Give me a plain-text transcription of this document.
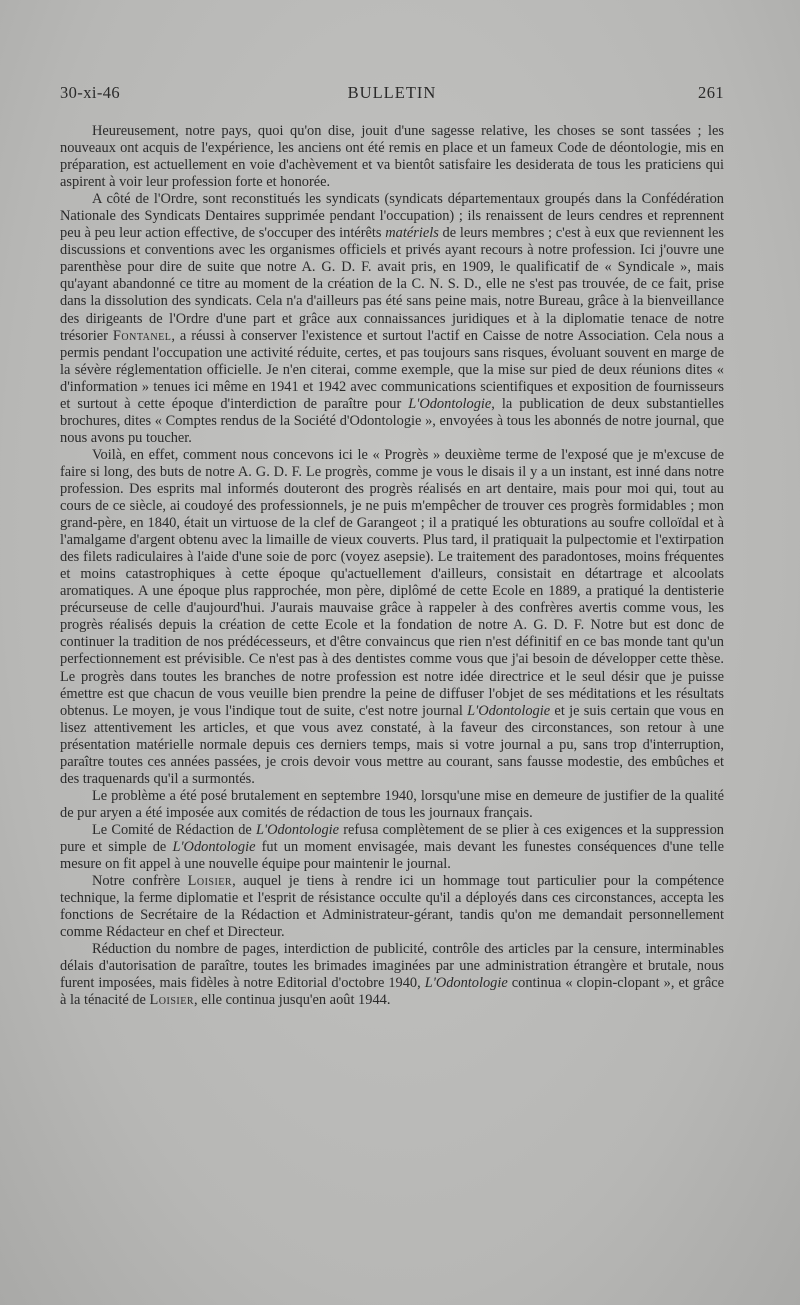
30-xi-46	BULLETIN	261

Heureusement, notre pays, quoi qu'on dise, jouit d'une sagesse relative, les choses se sont tassées ; les nouveaux ont acquis de l'expérience, les anciens ont été remis en place et un fameux Code de déontologie, mis en préparation, est actuellement en voie d'achèvement et va bientôt satisfaire les desiderata de tous les praticiens qui aspirent à voir leur profession forte et honorée.

A côté de l'Ordre, sont reconstitués les syndicats (syndicats départementaux groupés dans la Confédération Nationale des Syndicats Dentaires supprimée pendant l'occupation) ; ils renaissent de leurs cendres et reprennent peu à peu leur action effective, de s'occuper des intérêts matériels de leurs membres ; c'est à eux que reviennent les discussions et conventions avec les organismes officiels et privés ayant recours à notre profession. Ici j'ouvre une parenthèse pour dire de suite que notre A. G. D. F. avait pris, en 1909, le qualificatif de « Syndicale », mais qu'ayant abandonné ce titre au moment de la création de la C. N. S. D., elle ne s'est pas trouvée, de ce fait, prise dans la dissolution des syndicats. Cela n'a d'ailleurs pas été sans peine mais, notre Bureau, grâce à la bienveillance des dirigeants de l'Ordre d'une part et grâce aux connaissances juridiques et à la diplomatie tenace de notre trésorier Fontanel, a réussi à conserver l'existence et surtout l'actif en Caisse de notre Association. Cela nous a permis pendant l'occupation une activité réduite, certes, et pas toujours sans risques, évoluant souvent en marge de la sévère réglementation officielle. Je n'en citerai, comme exemple, que la mise sur pied de deux réunions dites « d'information » tenues ici même en 1941 et 1942 avec communications scientifiques et exposition de fournisseurs et surtout à cette époque d'interdiction de paraître pour L'Odontologie, la publication de deux substantielles brochures, dites « Comptes rendus de la Société d'Odontologie », envoyées à tous les abonnés de notre journal, que nous avons pu toucher.

Voilà, en effet, comment nous concevons ici le « Progrès » deuxième terme de l'exposé que je m'excuse de faire si long, des buts de notre A. G. D. F. Le progrès, comme je vous le disais il y a un instant, est inné dans notre profession. Des esprits mal informés douteront des progrès réalisés en art dentaire, mais pour moi qui, tout au cours de ce siècle, ai coudoyé des professionnels, je ne puis m'empêcher de trouver ces progrès formidables ; mon grand-père, en 1840, était un virtuose de la clef de Garangeot ; il a pratiqué les obturations au soufre colloïdal et à l'amalgame d'argent obtenu avec la limaille de vieux couverts. Plus tard, il pratiquait la pulpectomie et l'extirpation des filets radiculaires à l'aide d'une soie de porc (voyez asepsie). Le traitement des paradontoses, moins fréquentes et moins catastrophiques à cette époque qu'actuellement d'ailleurs, consistait en détartrage et alcoolats aromatiques. A une époque plus rapprochée, mon père, diplômé de cette Ecole en 1889, a pratiqué la dentisterie précurseuse de celle d'aujourd'hui. J'aurais mauvaise grâce à rappeler à des confrères avertis comme vous, les progrès réalisés depuis la création de cette Ecole et la fondation de notre A. G. D. F. Notre but est donc de continuer la tradition de nos prédécesseurs, et d'être convaincus que rien n'est définitif en ce bas monde tant qu'un perfectionnement est prévisible. Ce n'est pas à des dentistes comme vous que j'ai besoin de développer cette thèse. Le progrès dans toutes les branches de notre profession est notre idée directrice et le seul désir que je puisse émettre est que chacun de vous veuille bien prendre la peine de diffuser l'objet de ses méditations et les résultats obtenus. Le moyen, je vous l'indique tout de suite, c'est notre journal L'Odontologie et je suis certain que vous en lisez attentivement les articles, et que vous avez constaté, à la faveur des circonstances, son retour à une présentation matérielle normale depuis ces derniers temps, mais si votre journal a pu, sans trop d'interruption, paraître toutes ces années passées, je crois devoir vous mettre au courant, sans fausse modestie, des embûches et des traquenards qu'il a surmontés.

Le problème a été posé brutalement en septembre 1940, lorsqu'une mise en demeure de justifier de la qualité de pur aryen a été imposée aux comités de rédaction de tous les journaux français.

Le Comité de Rédaction de L'Odontologie refusa complètement de se plier à ces exigences et la suppression pure et simple de L'Odontologie fut un moment envisagée, mais devant les funestes conséquences d'une telle mesure on fit appel à une nouvelle équipe pour maintenir le journal.

Notre confrère Loisier, auquel je tiens à rendre ici un hommage tout particulier pour la compétence technique, la ferme diplomatie et l'esprit de résistance occulte qu'il a déployés dans ces circonstances, accepta les fonctions de Secrétaire de la Rédaction et Administrateur-gérant, tandis qu'on me demandait personnellement comme Rédacteur en chef et Directeur.

Réduction du nombre de pages, interdiction de publicité, contrôle des articles par la censure, interminables délais d'autorisation de paraître, toutes les brimades imaginées par une administration étrangère et brutale, nous furent imposées, mais fidèles à notre Editorial d'octobre 1940, L'Odontologie continua « clopin-clopant », et grâce à la ténacité de Loisier, elle continua jusqu'en août 1944.
